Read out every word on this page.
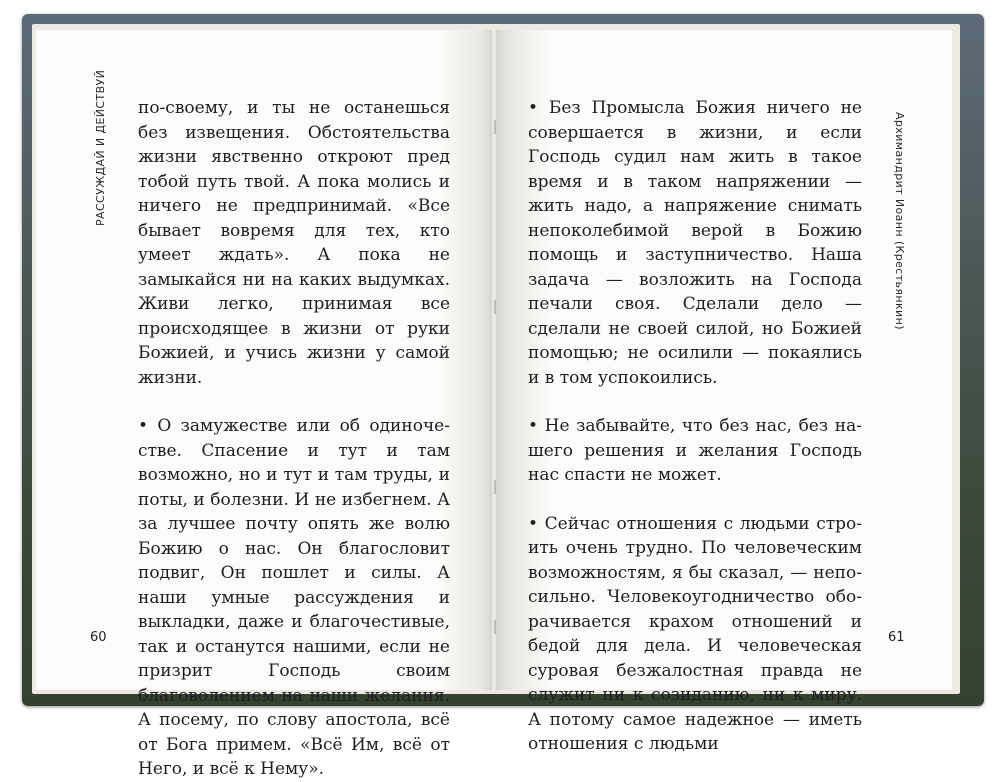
РАССУЖДАЙ И ДЕЙСТВУЙ по-своему, и ты не останешься без извещения. Обстоятельства жизни явственно откроют пред тобой путь твой. А пока молись и ничего не предпринимай. «Все бывает вовремя для тех, кто умеет ждать». А пока не замыкайся ни на каких выдумках. Живи легко, принимая все происходящее в жизни от руки Божией, и учись жизни у самой жизни.

• О замужестве или об одиночестве. Спасение и тут и там возможно, но и тут и там труды, и поты, и болезни. И не избегнем. А за лучшее почту опять же волю Божию о нас. Он благословит подвиг, Он пошлет и силы. А наши умные рассуждения и выкладки, даже и благочестивые, так и останутся нашими, если не призрит Господь своим благоволением на наши желания. А посему, по слову апостола, всё от Бога примем. «Всё Им, всё от Него, и всё к Нему».

60
Архимандрит Иоанн (Крестьянкин)

• Без Промысла Божия ничего не совершается в жизни, и если Господь судил нам жить в такое время и в таком напряжении — жить надо, а напряжение снимать непоколебимой верой в Божию помощь и заступничество. Наша задача — возложить на Господа печали своя. Сделали дело — сделали не своей силой, но Божией помощью; не осилили — покаялись и в том успокоились.

• Не забывайте, что без нас, без нашего решения и желания Господь нас спасти не может.

• Сейчас отношения с людьми строить очень трудно. По человеческим возможностям, я бы сказал, — непосильно. Человекоугодничество оборачивается крахом отношений и бедой для дела. И человеческая суровая безжалостная правда не служит ни к созиданию, ни к миру. А потому самое надежное — иметь отношения с людьми

61
